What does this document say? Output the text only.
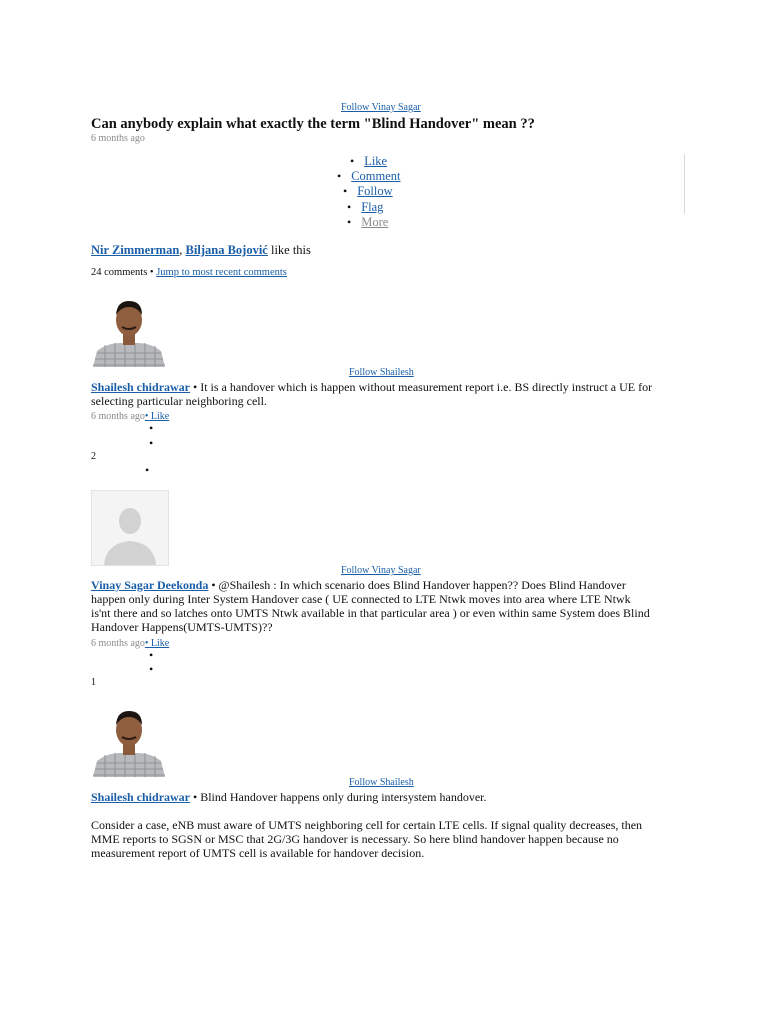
Follow Vinay Sagar
Can anybody explain what exactly the term "Blind Handover" mean ??
6 months ago
• Like
• Comment
• Follow
• Flag
• More
Nir Zimmerman, Biljana Bojović like this
24 comments • Jump to most recent comments
Follow Shailesh
Shailesh chidrawar • It is a handover which is happen without measurement report i.e. BS directly instruct a UE for
selecting particular neighboring cell.
6 months ago• Like
•
•
2
•
Follow Vinay Sagar
Vinay Sagar Deekonda • @Shailesh : In which scenario does Blind Handover happen?? Does Blind Handover
happen only during Inter System Handover case ( UE connected to LTE Ntwk moves into area where LTE Ntwk
is'nt there and so latches onto UMTS Ntwk available in that particular area ) or even within same System does Blind
Handover Happens(UMTS-UMTS)??
6 months ago• Like
•
•
1
Follow Shailesh
Shailesh chidrawar • Blind Handover happens only during intersystem handover.
Consider a case, eNB must aware of UMTS neighboring cell for certain LTE cells. If signal quality decreases, then
MME reports to SGSN or MSC that 2G/3G handover is necessary. So here blind handover happen because no
measurement report of UMTS cell is available for handover decision.
